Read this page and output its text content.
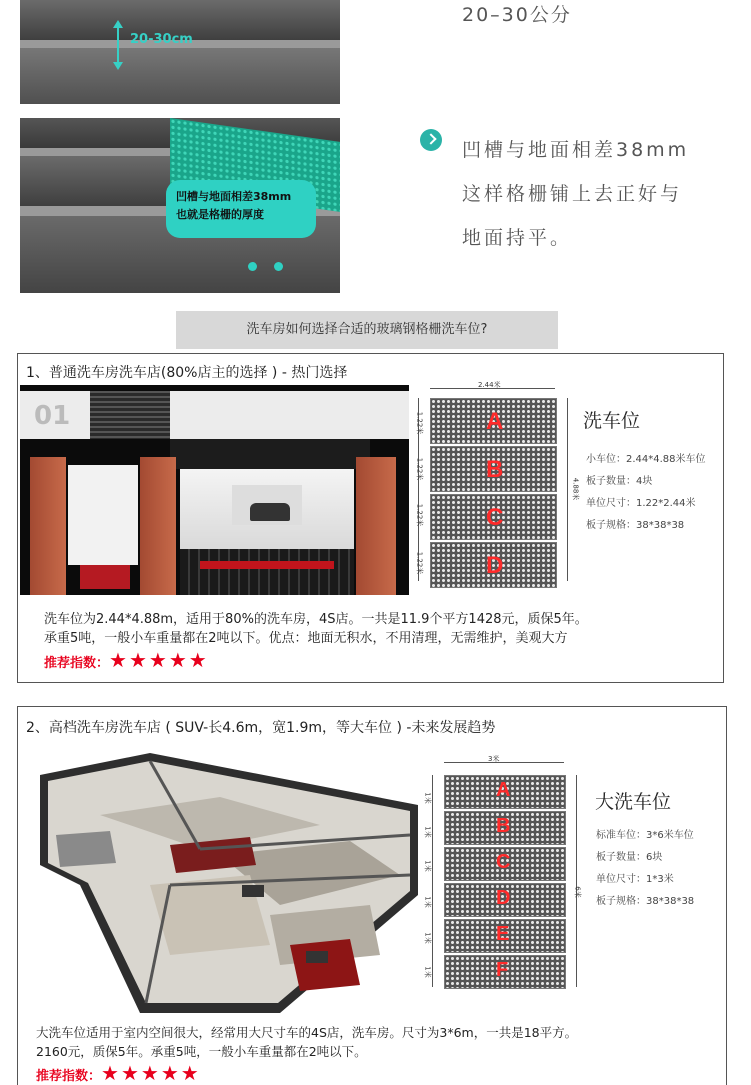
20-30cm
凹槽与地面相差38mm
也就是格栅的厚度
20–30公分
凹槽与地面相差38mm
这样格栅铺上去正好与
地面持平。
洗车房如何选择合适的玻璃钢格栅洗车位?
1、普通洗车房洗车店(80%店主的选择 ) - 热门选择
01
2.44米
1.22米
1.22米
1.22米
1.22米
4.88米
A
B
C
D
洗车位
小车位：2.44*4.88米车位
板子数量：4块
单位尺寸：1.22*2.44米
板子规格：38*38*38
洗车位为2.44*4.88m，适用于80%的洗车房，4S店。一共是11.9个平方1428元，质保5年。
承重5吨，一般小车重量都在2吨以下。优点：地面无积水，不用清理，无需维护，美观大方
推荐指数：★ ★ ★ ★ ★
2、高档洗车房洗车店 ( SUV-长4.6m，宽1.9m，等大车位 ) -未来发展趋势
3米
1米
1米
1米
1米
1米
1米
6米
A
B
C
D
E
F
大洗车位
标准车位：3*6米车位
板子数量：6块
单位尺寸：1*3米
板子规格：38*38*38
大洗车位适用于室内空间很大，经常用大尺寸车的4S店，洗车房。尺寸为3*6m，一共是18平方。
2160元，质保5年。承重5吨，一般小车重量都在2吨以下。
推荐指数：★ ★ ★ ★ ★
